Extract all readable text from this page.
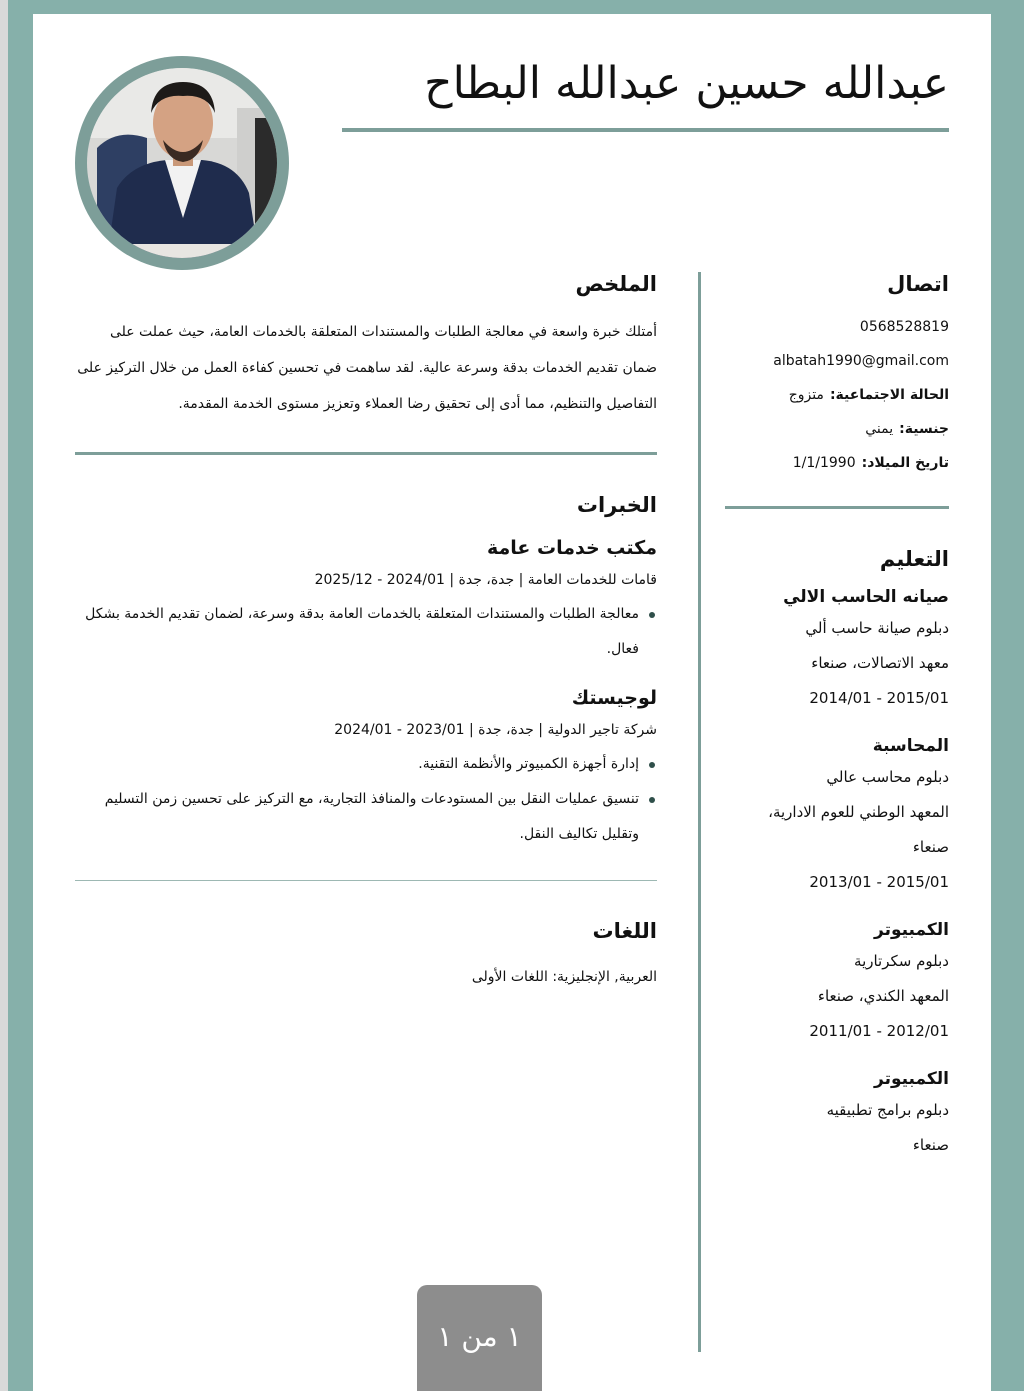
عبدالله حسين عبدالله البطاح
اتصال
0568528819
albatah1990@gmail.com
الحالة الاجتماعية:متزوج
جنسية:يمني
تاريخ الميلاد:1/1/1990
التعليم
صيانه الحاسب الالي
دبلوم صيانة حاسب ألي
معهد الاتصالات، صنعاء
2015/01 - 2014/01
المحاسبة
دبلوم محاسب عالي
المعهد الوطني للعوم الادارية،
صنعاء
2015/01 - 2013/01
الكمبيوتر
دبلوم سكرتارية
المعهد الكندي، صنعاء
2012/01 - 2011/01
الكمبيوتر
دبلوم برامج تطبيقيه
صنعاء
الملخص

أمتلك خبرة واسعة في معالجة الطلبات والمستندات المتعلقة بالخدمات العامة، حيث عملت على ضمان تقديم الخدمات بدقة وسرعة عالية. لقد ساهمت في تحسين كفاءة العمل من خلال التركيز على التفاصيل والتنظيم، مما أدى إلى تحقيق رضا العملاء وتعزيز مستوى الخدمة المقدمة.

الخبرات
مكتب خدمات عامة
قامات للخدمات العامة | جدة، جدة | 2024/01 - 2025/12
معالجة الطلبات والمستندات المتعلقة بالخدمات العامة بدقة وسرعة، لضمان تقديم الخدمة بشكل فعال.
لوجيستك
شركة تاجير الدولية | جدة، جدة | 2023/01 - 2024/01
إدارة أجهزة الكمبيوتر والأنظمة التقنية.
تنسيق عمليات النقل بين المستودعات والمنافذ التجارية، مع التركيز على تحسين زمن التسليم وتقليل تكاليف النقل.
اللغات
العربية, الإنجليزية: اللغات الأولى
١ من ١
